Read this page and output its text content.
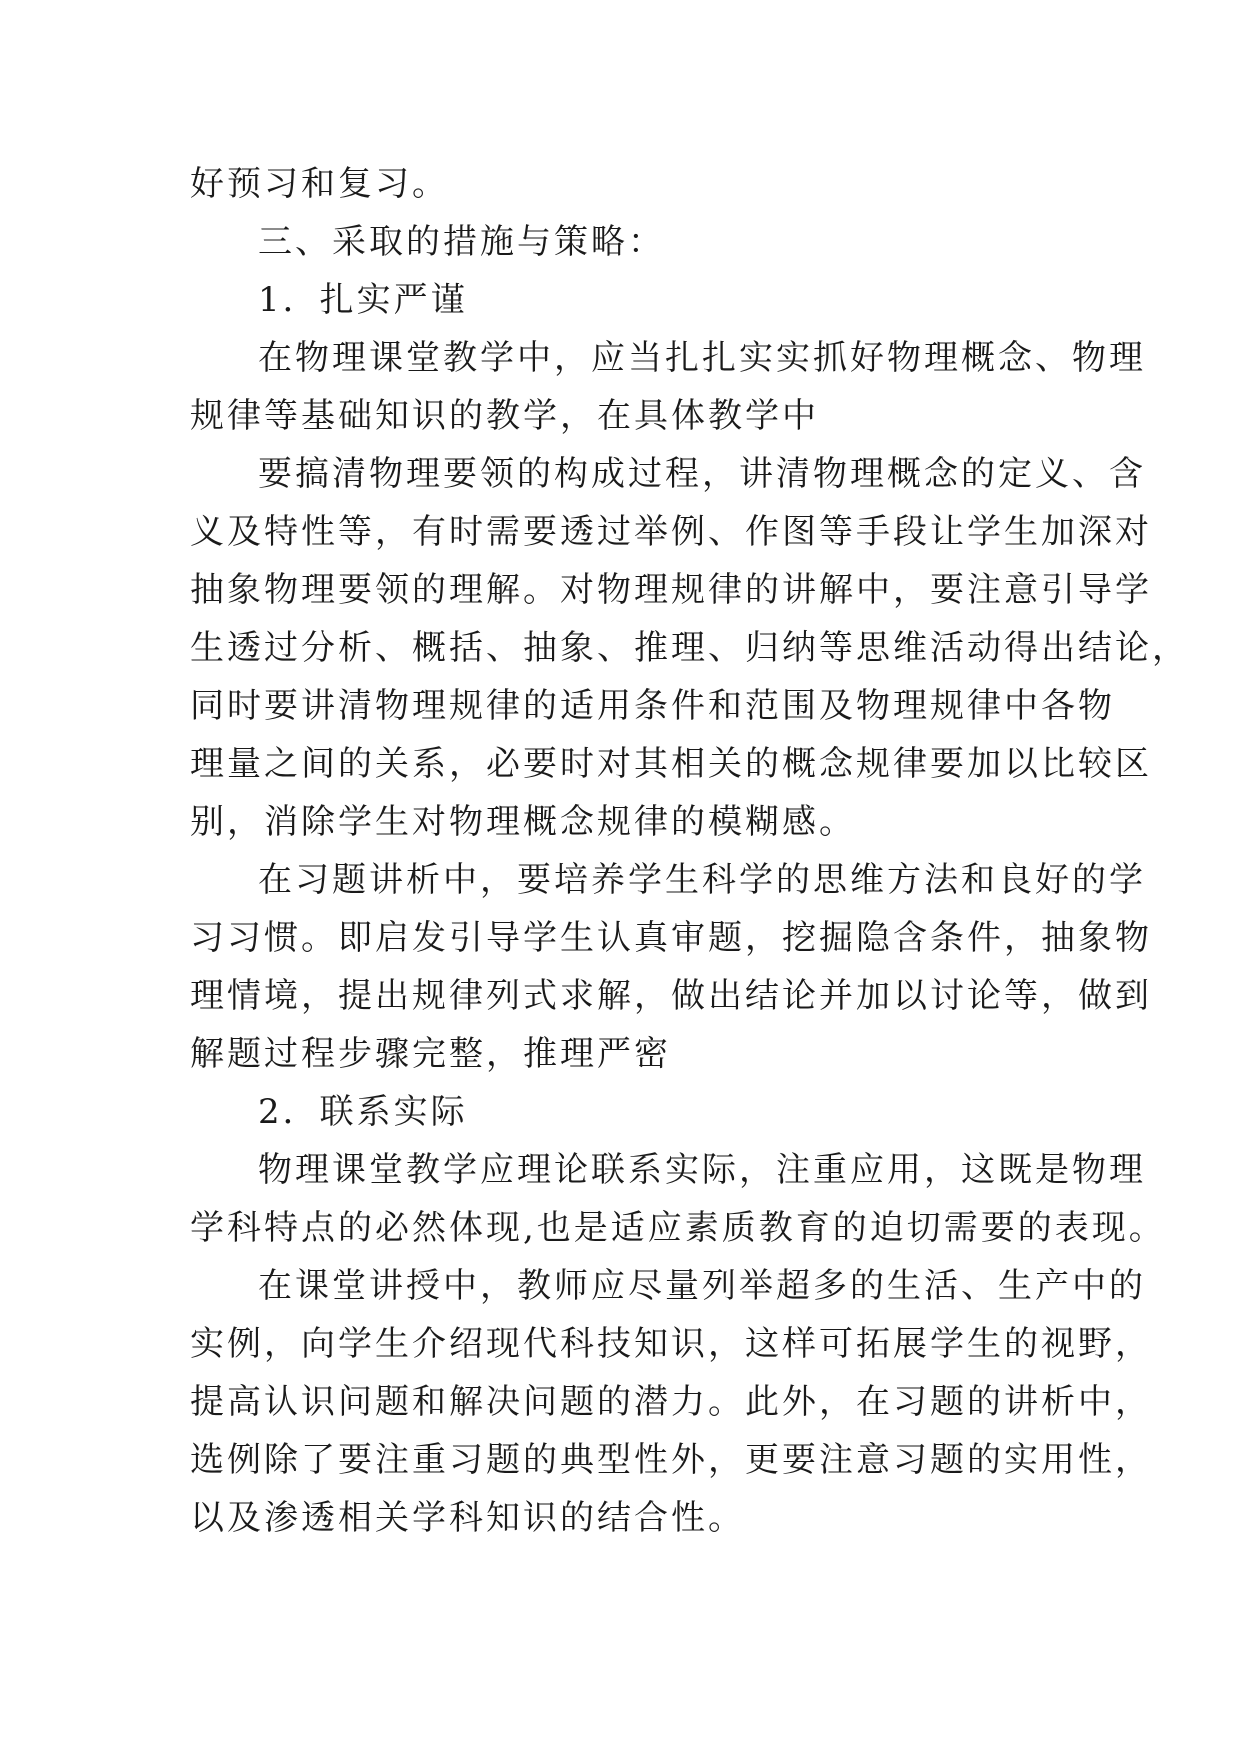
好预习和复习。

三、采取的措施与策略：

1．扎实严谨

在物理课堂教学中，应当扎扎实实抓好物理概念、物理

规律等基础知识的教学，在具体教学中

要搞清物理要领的构成过程，讲清物理概念的定义、含

义及特性等，有时需要透过举例、作图等手段让学生加深对

抽象物理要领的理解。对物理规律的讲解中，要注意引导学

生透过分析、概括、抽象、推理、归纳等思维活动得出结论，

同时要讲清物理规律的适用条件和范围及物理规律中各物

理量之间的关系，必要时对其相关的概念规律要加以比较区

别，消除学生对物理概念规律的模糊感。

在习题讲析中，要培养学生科学的思维方法和良好的学

习习惯。即启发引导学生认真审题，挖掘隐含条件，抽象物

理情境，提出规律列式求解，做出结论并加以讨论等，做到

解题过程步骤完整，推理严密

2．联系实际

物理课堂教学应理论联系实际，注重应用，这既是物理

学科特点的必然体现,也是适应素质教育的迫切需要的表现。

在课堂讲授中，教师应尽量列举超多的生活、生产中的

实例，向学生介绍现代科技知识，这样可拓展学生的视野，

提高认识问题和解决问题的潜力。此外，在习题的讲析中，

选例除了要注重习题的典型性外，更要注意习题的实用性，

以及渗透相关学科知识的结合性。
